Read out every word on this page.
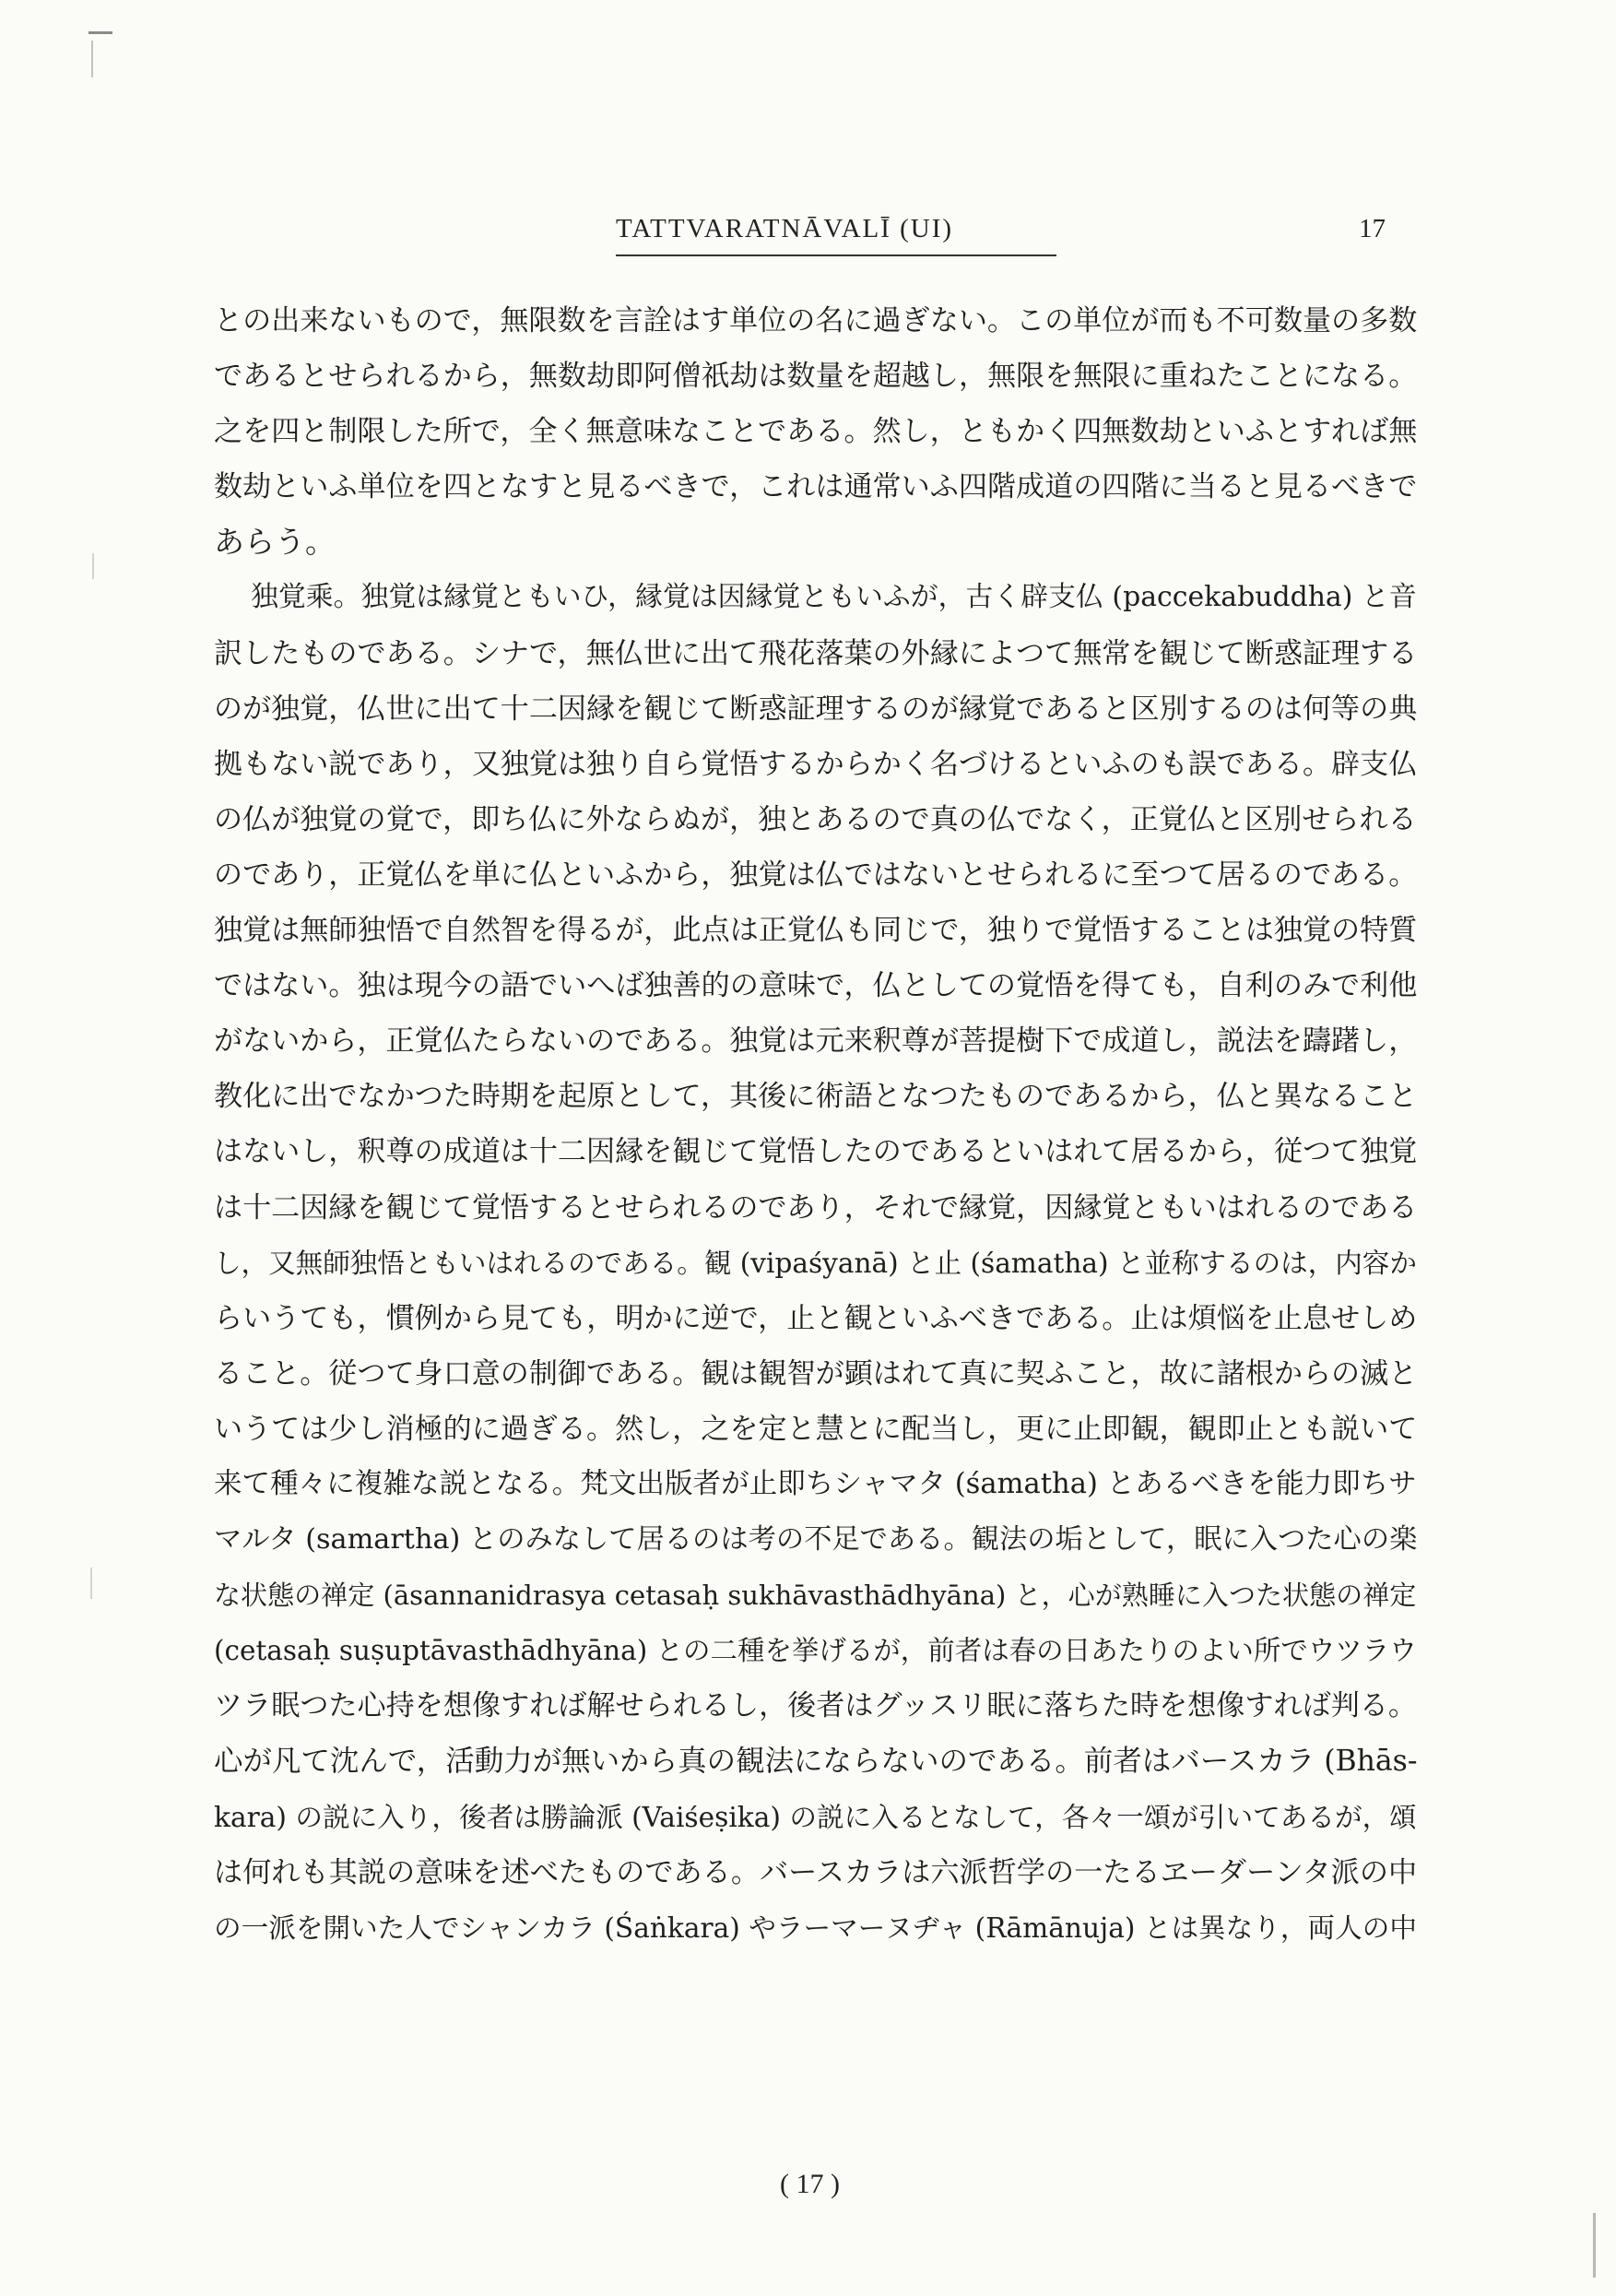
TATTVARATNĀVALĪ (UI)	17
との出来ないもので，無限数を言詮はす単位の名に過ぎない。この単位が而も不可数量の多数
であるとせられるから，無数劫即阿僧祇劫は数量を超越し，無限を無限に重ねたことになる。
之を四と制限した所で，全く無意味なことである。然し，ともかく四無数劫といふとすれば無
数劫といふ単位を四となすと見るべきで，これは通常いふ四階成道の四階に当ると見るべきで
あらう。
独覚乘。独覚は縁覚ともいひ，縁覚は因縁覚ともいふが，古く辟支仏 (paccekabuddha) と音
訳したものである。シナで，無仏世に出て飛花落葉の外縁によつて無常を観じて断惑証理する
のが独覚，仏世に出て十二因縁を観じて断惑証理するのが縁覚であると区別するのは何等の典
拠もない説であり，又独覚は独り自ら覚悟するからかく名づけるといふのも誤である。辟支仏
の仏が独覚の覚で，即ち仏に外ならぬが，独とあるので真の仏でなく，正覚仏と区別せられる
のであり，正覚仏を単に仏といふから，独覚は仏ではないとせられるに至つて居るのである。
独覚は無師独悟で自然智を得るが，此点は正覚仏も同じで，独りで覚悟することは独覚の特質
ではない。独は現今の語でいへば独善的の意味で，仏としての覚悟を得ても，自利のみで利他
がないから，正覚仏たらないのである。独覚は元来釈尊が菩提樹下で成道し，説法を躊躇し，
教化に出でなかつた時期を起原として，其後に術語となつたものであるから，仏と異なること
はないし，釈尊の成道は十二因縁を観じて覚悟したのであるといはれて居るから，従つて独覚
は十二因縁を観じて覚悟するとせられるのであり，それで縁覚，因縁覚ともいはれるのである
し，又無師独悟ともいはれるのである。観 (vipaśyanā) と止 (śamatha) と並称するのは，内容か
らいうても，慣例から見ても，明かに逆で，止と観といふべきである。止は煩悩を止息せしめ
ること。従つて身口意の制御である。観は観智が顕はれて真に契ふこと，故に諸根からの滅と
いうては少し消極的に過ぎる。然し，之を定と慧とに配当し，更に止即観，観即止とも説いて
来て種々に複雑な説となる。梵文出版者が止即ちシャマタ (śamatha) とあるべきを能力即ちサ
マルタ (samartha) とのみなして居るのは考の不足である。観法の垢として，眠に入つた心の楽
な状態の禅定 (āsannanidrasya cetasaḥ sukhāvasthādhyāna) と，心が熟睡に入つた状態の禅定
(cetasaḥ suṣuptāvasthādhyāna) との二種を挙げるが，前者は春の日あたりのよい所でウツラウ
ツラ眠つた心持を想像すれば解せられるし，後者はグッスリ眠に落ちた時を想像すれば判る。
心が凡て沈んで，活動力が無いから真の観法にならないのである。前者はバースカラ (Bhās-
kara) の説に入り，後者は勝論派 (Vaiśeṣika) の説に入るとなして，各々一頌が引いてあるが，頌
は何れも其説の意味を述べたものである。バースカラは六派哲学の一たるヱーダーンタ派の中
の一派を開いた人でシャンカラ (Śaṅkara) やラーマーヌヂャ (Rāmānuja) とは異なり，両人の中
( 17 )
